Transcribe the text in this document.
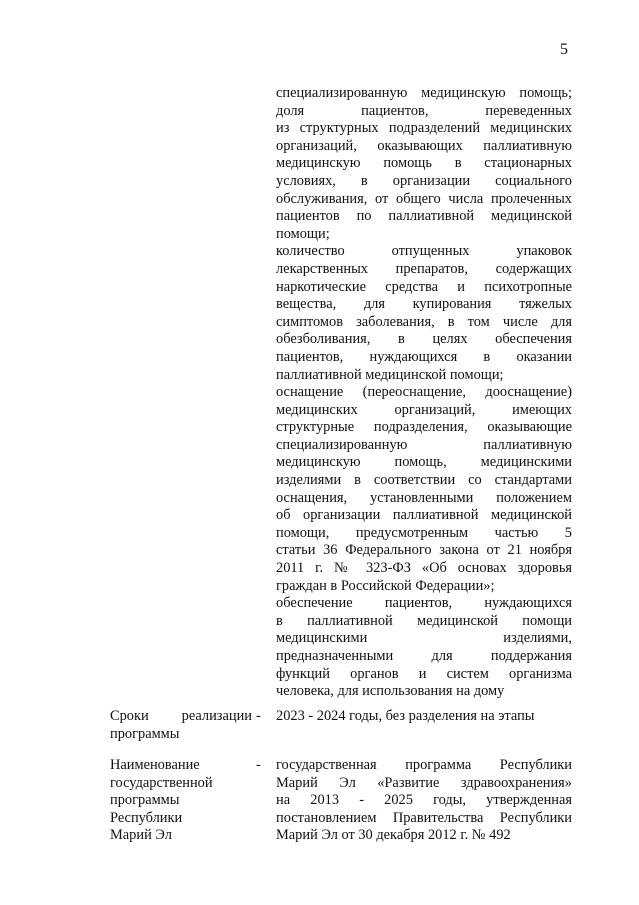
5
специализированную медицинскую помощь;
доля пациентов, переведенных
из структурных подразделений медицинских
организаций, оказывающих паллиативную
медицинскую помощь в стационарных
условиях, в организации социального
обслуживания, от общего числа пролеченных
пациентов по паллиативной медицинской
помощи;
количество отпущенных упаковок
лекарственных препаратов, содержащих
наркотические средства и психотропные
вещества, для купирования тяжелых
симптомов заболевания, в том числе для
обезболивания, в целях обеспечения
пациентов, нуждающихся в оказании
паллиативной медицинской помощи;
оснащение (переоснащение, дооснащение)
медицинских организаций, имеющих
структурные подразделения, оказывающие
специализированную паллиативную
медицинскую помощь, медицинскими
изделиями в соответствии со стандартами
оснащения, установленными положением
об организации паллиативной медицинской
помощи, предусмотренным частью 5
статьи 36 Федерального закона от 21 ноября
2011 г. № 323-ФЗ «Об основах здоровья
граждан в Российской Федерации»;
обеспечение пациентов, нуждающихся
в паллиативной медицинской помощи
медицинскими изделиями,
предназначенными для поддержания
функций органов и систем организма
человека, для использования на дому
Сроки реализации
программы
- 2023 - 2024 годы, без разделения на этапы
Наименование
государственной
программы
Республики
Марий Эл
- государственная программа Республики
Марий Эл «Развитие здравоохранения»
на 2013 - 2025 годы, утвержденная
постановлением Правительства Республики
Марий Эл от 30 декабря 2012 г. № 492
